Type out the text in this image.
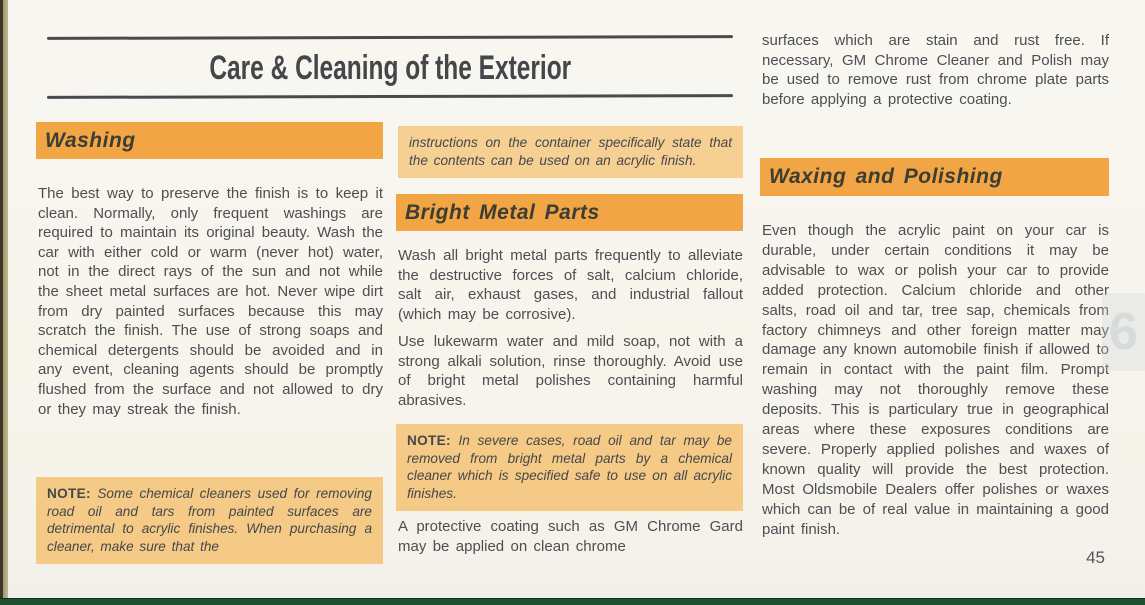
Care & Cleaning of the Exterior
Washing
The best way to preserve the finish is to keep it clean. Normally, only frequent washings are required to maintain its original beauty. Wash the car with either cold or warm (never hot) water, not in the direct rays of the sun and not while the sheet metal surfaces are hot. Never wipe dirt from dry painted surfaces because this may scratch the finish. The use of strong soaps and chemical detergents should be avoided and in any event, cleaning agents should be promptly flushed from the surface and not allowed to dry or they may streak the finish.
NOTE: Some chemical cleaners used for removing road oil and tars from painted surfaces are detrimental to acrylic finishes. When purchasing a cleaner, make sure that the
instructions on the container specifically state that the contents can be used on an acrylic finish.
Bright Metal Parts
Wash all bright metal parts frequently to alleviate the destructive forces of salt, calcium chloride, salt air, exhaust gases, and industrial fallout (which may be corrosive).
Use lukewarm water and mild soap, not with a strong alkali solution, rinse thoroughly. Avoid use of bright metal polishes containing harmful abrasives.
NOTE: In severe cases, road oil and tar may be removed from bright metal parts by a chemical cleaner which is specified safe to use on all acrylic finishes.
A protective coating such as GM Chrome Gard may be applied on clean chrome
surfaces which are stain and rust free. If necessary, GM Chrome Cleaner and Polish may be used to remove rust from chrome plate parts before applying a protective coating.
Waxing and Polishing
Even though the acrylic paint on your car is durable, under certain conditions it may be advisable to wax or polish your car to provide added protection. Calcium chloride and other salts, road oil and tar, tree sap, chemicals from factory chimneys and other foreign matter may damage any known automobile finish if allowed to remain in contact with the paint film. Prompt washing may not thoroughly remove these deposits. This is particulary true in geographical areas where these exposures conditions are severe. Properly applied polishes and waxes of known quality will provide the best protection. Most Oldsmobile Dealers offer polishes or waxes which can be of real value in maintaining a good paint finish.
45
6
